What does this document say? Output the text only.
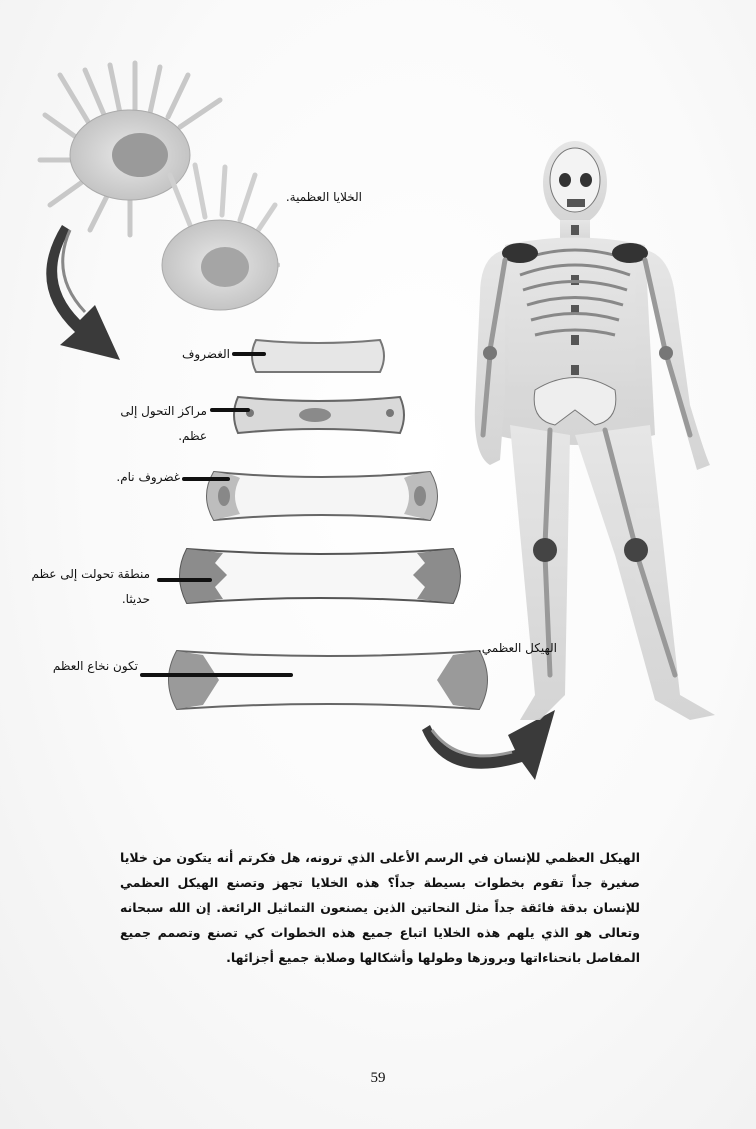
الخلايا العظمية.
الغضروف
مراكز التحول إلى
عظم.
غضروف نام.
منطقة تحولت إلى عظم
حديثا.
تكون نخاع العظم
الهيكل العظمي.
الهيكل العظمي للإنسان في الرسم الأعلى الذي ترونه، هل فكرتم أنه يتكون من خلايا صغيرة جداً تقوم بخطوات بسيطة جداً؟ هذه الخلايا تجهز وتصنع الهيكل العظمي للإنسان بدقة فائقة جداً مثل النحاتين الذين يصنعون التماثيل الرائعة. إن الله سبحانه وتعالى هو الذي يلهم هذه الخلايا اتباع جميع هذه الخطوات كي تصنع وتصمم جميع المفاصل بانحناءاتها وبروزها وطولها وأشكالها وصلابة جميع أجزائها.
59
